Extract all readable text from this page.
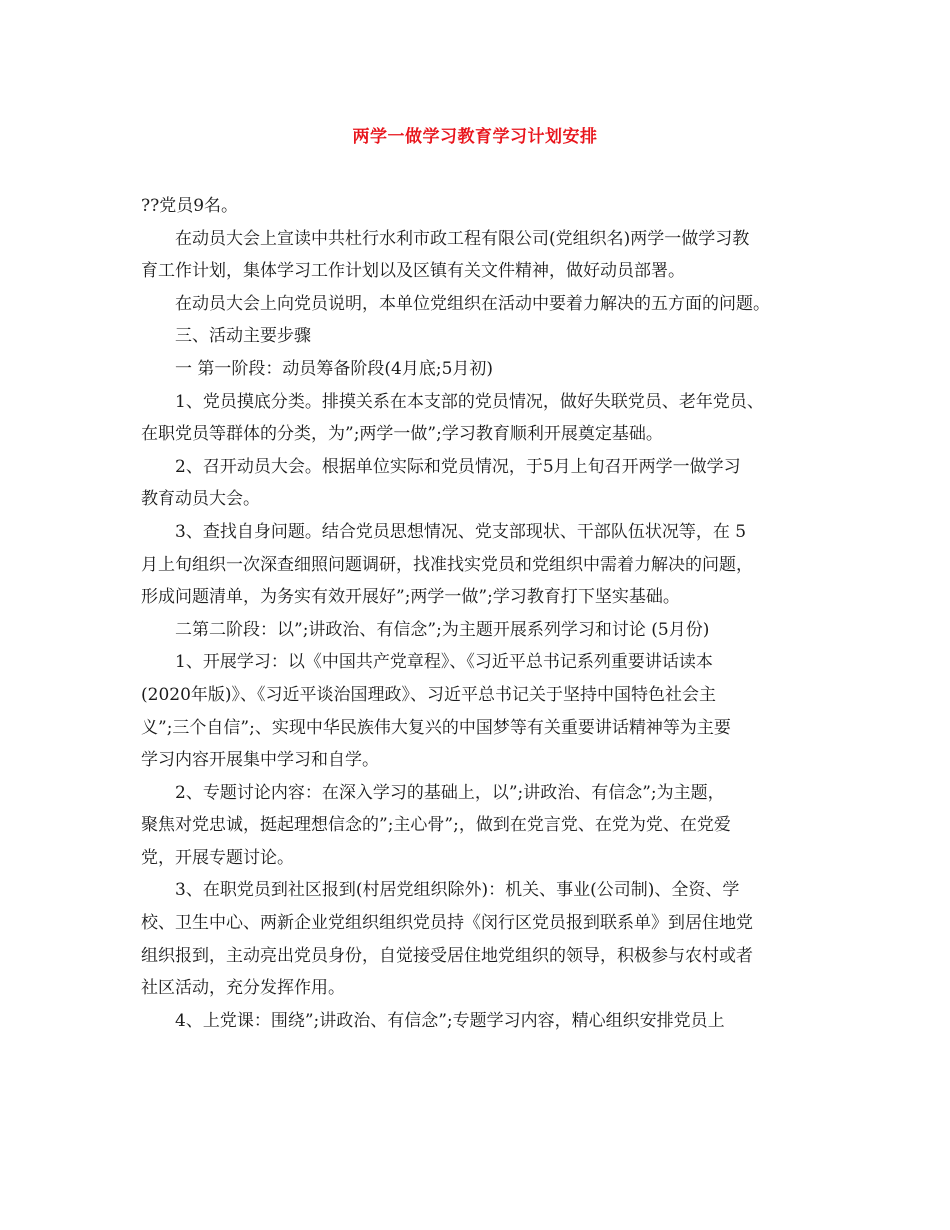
两学一做学习教育学习计划安排
??党员9名。
在动员大会上宣读中共杜行水利市政工程有限公司(党组织名)两学一做学习教
育工作计划，集体学习工作计划以及区镇有关文件精神，做好动员部署。
在动员大会上向党员说明，本单位党组织在活动中要着力解决的五方面的问题。
三、活动主要步骤
一 第一阶段：动员筹备阶段(4月底;5月初)
1、党员摸底分类。排摸关系在本支部的党员情况，做好失联党员、老年党员、
在职党员等群体的分类，为”;两学一做”;学习教育顺利开展奠定基础。
2、召开动员大会。根据单位实际和党员情况，于5月上旬召开两学一做学习
教育动员大会。
3、查找自身问题。结合党员思想情况、党支部现状、干部队伍状况等，在 5
月上旬组织一次深查细照问题调研，找准找实党员和党组织中需着力解决的问题，
形成问题清单，为务实有效开展好”;两学一做”;学习教育打下坚实基础。
二第二阶段：以”;讲政治、有信念”;为主题开展系列学习和讨论 (5月份)
1、开展学习：以《中国共产党章程》、《习近平总书记系列重要讲话读本
(2020年版)》、《习近平谈治国理政》、习近平总书记关于坚持中国特色社会主
义”;三个自信”;、实现中华民族伟大复兴的中国梦等有关重要讲话精神等为主要
学习内容开展集中学习和自学。
2、专题讨论内容：在深入学习的基础上，以”;讲政治、有信念”;为主题，
聚焦对党忠诚，挺起理想信念的”;主心骨”;，做到在党言党、在党为党、在党爱
党，开展专题讨论。
3、在职党员到社区报到(村居党组织除外)：机关、事业(公司制)、全资、学
校、卫生中心、两新企业党组织组织党员持《闵行区党员报到联系单》到居住地党
组织报到，主动亮出党员身份，自觉接受居住地党组织的领导，积极参与农村或者
社区活动，充分发挥作用。
4、上党课：围绕”;讲政治、有信念”;专题学习内容，精心组织安排党员上
